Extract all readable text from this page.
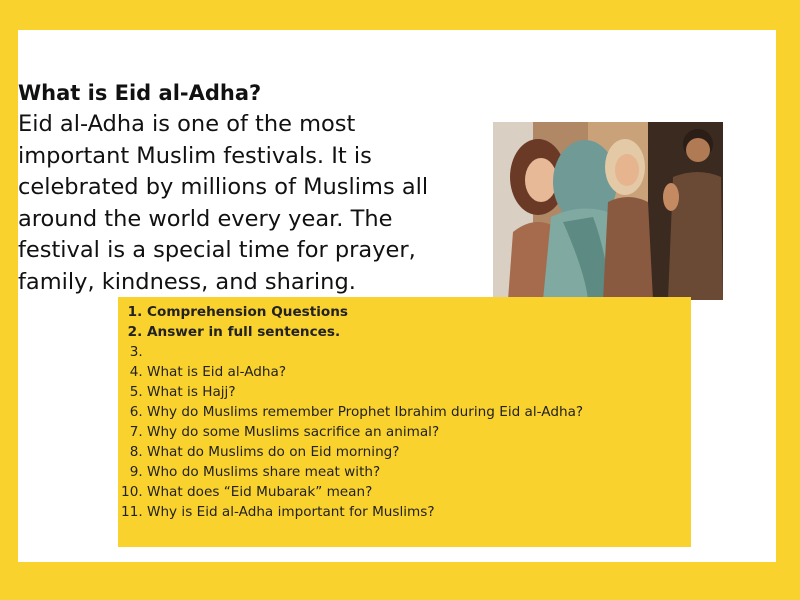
What is Eid al-Adha?

Eid al-Adha is one of the most important Muslim festivals. It is celebrated by millions of Muslims all around the world every year. The festival is a special time for prayer, family, kindness, and sharing.

1. Comprehension Questions
2. Answer in full sentences.
3.
4. What is Eid al-Adha?
5. What is Hajj?
6. Why do Muslims remember Prophet Ibrahim during Eid al-Adha?
7. Why do some Muslims sacrifice an animal?
8. What do Muslims do on Eid morning?
9. Who do Muslims share meat with?
10. What does “Eid Mubarak” mean?
11. Why is Eid al-Adha important for Muslims?
